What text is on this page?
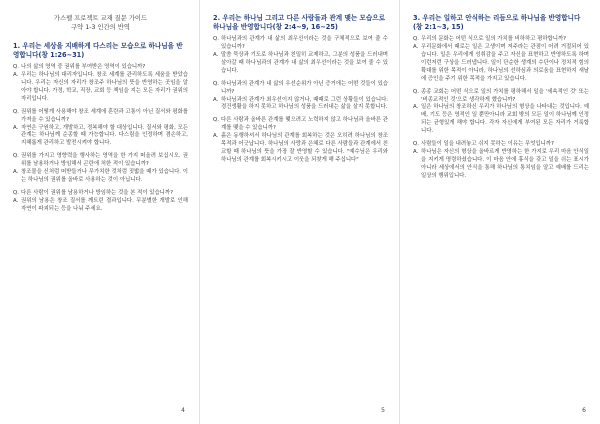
가스펠 프로젝트 교재 질문 가이드
구약 1-3 인간의 반역
1. 우리는 세상을 지배하게 다스리는 모습으로 하나님을 반영합니다(창 1:26~31)
Q. 나의 삶의 영역 중 권위를 부여받은 영역이 있습니까?
A. 우리는 하나님의 대리자입니다. 창조 세계를 관리하도록 세움을 받았습니다. 우리는 자신의 자리가 창조주 하나님의 뜻을 반영하는 곳임을 알아야 합니다. 가정, 학교, 직장, 교회 등 책임을 지는 모든 자리가 권위의 자리입니다.
Q. 권위를 어떻게 사용해야 창조 세계에 혼란과 고통이 아닌 질서와 평화를 가져올 수 있습니까?
A. 자연은 구원하고, 개발하고, 정복해야 할 대상입니다. 질서와 평화, 모든 관계는 하나님께 순종할 때 가능합니다. 다스림을 인정하며 겸손하고, 지혜롭게 관리하고 발전시켜야 합니다.
Q. 권위를 가지고 영향력을 행사하는 영역을 한 가지 떠올려 보십시오. 권위를 남용하거나 방임해서 곤란에 처한 적이 있습니까?
A. 창조물을 신처럼 떠받들거나 무가치한 것처럼 짓밟을 때가 있습니다. 이는 하나님의 권위를 올바로 사용하는 것이 아닙니다.
Q. 다른 사람이 권위를 남용하거나 방임하는 것을 본 적이 있습니까?
A. 권위의 남용은 창조 질서를 깨트린 결과입니다. 무분별한 개발로 인해 자연이 파괴되는 등을 나눠 주세요.
4
2. 우리는 하나님 그리고 다른 사람들과 관계 맺는 모습으로 하나님을 반영합니다(창 2:4~9, 16~25)
Q. 하나님과의 관계가 내 삶의 최우선이라는 것을 구체적으로 보여 줄 수 있습니까?
A. 말씀 묵상과 기도로 하나님과 친밀히 교제하고, 그분의 성품을 드러내며 살아갈 때 하나님과의 관계가 내 삶의 최우선이라는 것을 보여 줄 수 있습니다.
Q. 하나님과의 관계가 내 삶의 우선순위가 아닌 증거에는 어떤 것들이 있습니까?
A. 하나님과의 관계가 최우선이지 않거나, 때때로 그런 상황들이 있습니다. 경건생활을 하지 못하고 하나님의 성품을 드러내는 삶을 살지 못합니다.
Q. 다른 사람과 올바른 관계를 맺으려고 노력하지 않고 하나님과 올바른 관계를 맺을 수 있습니까?
A. 흙은 동행하셔서 하나님의 관계를 회복하는 것은 오히려 하나님의 창조 목적과 어긋납니다. 하나님의 사랑과 은혜로 다른 사람들과 관계에서 친교할 때 하나님의 뜻을 가장 잘 반영할 수 있습니다. "예수님은 우리와 하나님의 관계를 회복시키시고 이웃을 되찾게 해 주십니다"
5
3. 우리는 일하고 안식하는 리듬으로 하나님을 반영합니다(창 2:1~3, 15)
Q. 우리의 문화는 어떤 식으로 일의 가치를 비하하고 평하합니까?
A. 우리문화에서 때로는 일은 고생이며 저주라는 관점이 어려 거절되어 있습니다. 일은 우리에게 성취감을 주고 자신을 표현하고 반영하도록 하며 이런저런 구상을 드러냅니다. 일이 단순한 생계의 수단이나 정치적 힘의 확대를 위한 목적이 아니라, 하나님의 선하심과 의로움을 표현하지 새날에 증인을 주기 위한 목적을 가지고 있습니다.
Q. 종종 교회는 어떤 식으로 일의 가치를 평하해서 일을 '세속적인 것' 또는 '비종교적인 것'으로 생각하게 했습니까?
A. 일은 하나님의 창조하신 우리가 하나님의 형상을 나타내는 것입니다. 예배, 기도 등은 영적인 일 뿐만아니라 교회 밖의 모든 일이 하나님께 인정되는 균형있게 해야 합니다. 각자 자신에게 부여된 모든 자리가 거룩합니다.
Q. 사람들이 일을 내려놓고 쉬지 못하는 이유는 무엇입니까?
A. 하나님은 자신의 형상을 올바르게 반영하는 한 가지로 우리 마음 안식일을 지키게 명령하셨습니다. 이 마음 안에 휴식을 갖고 일을 쉬는 표시가 아니라 세상에서의 안식을 통해 하나님의 통치임을 알고 예배를 드리는 일상의 행위입니다.
6
